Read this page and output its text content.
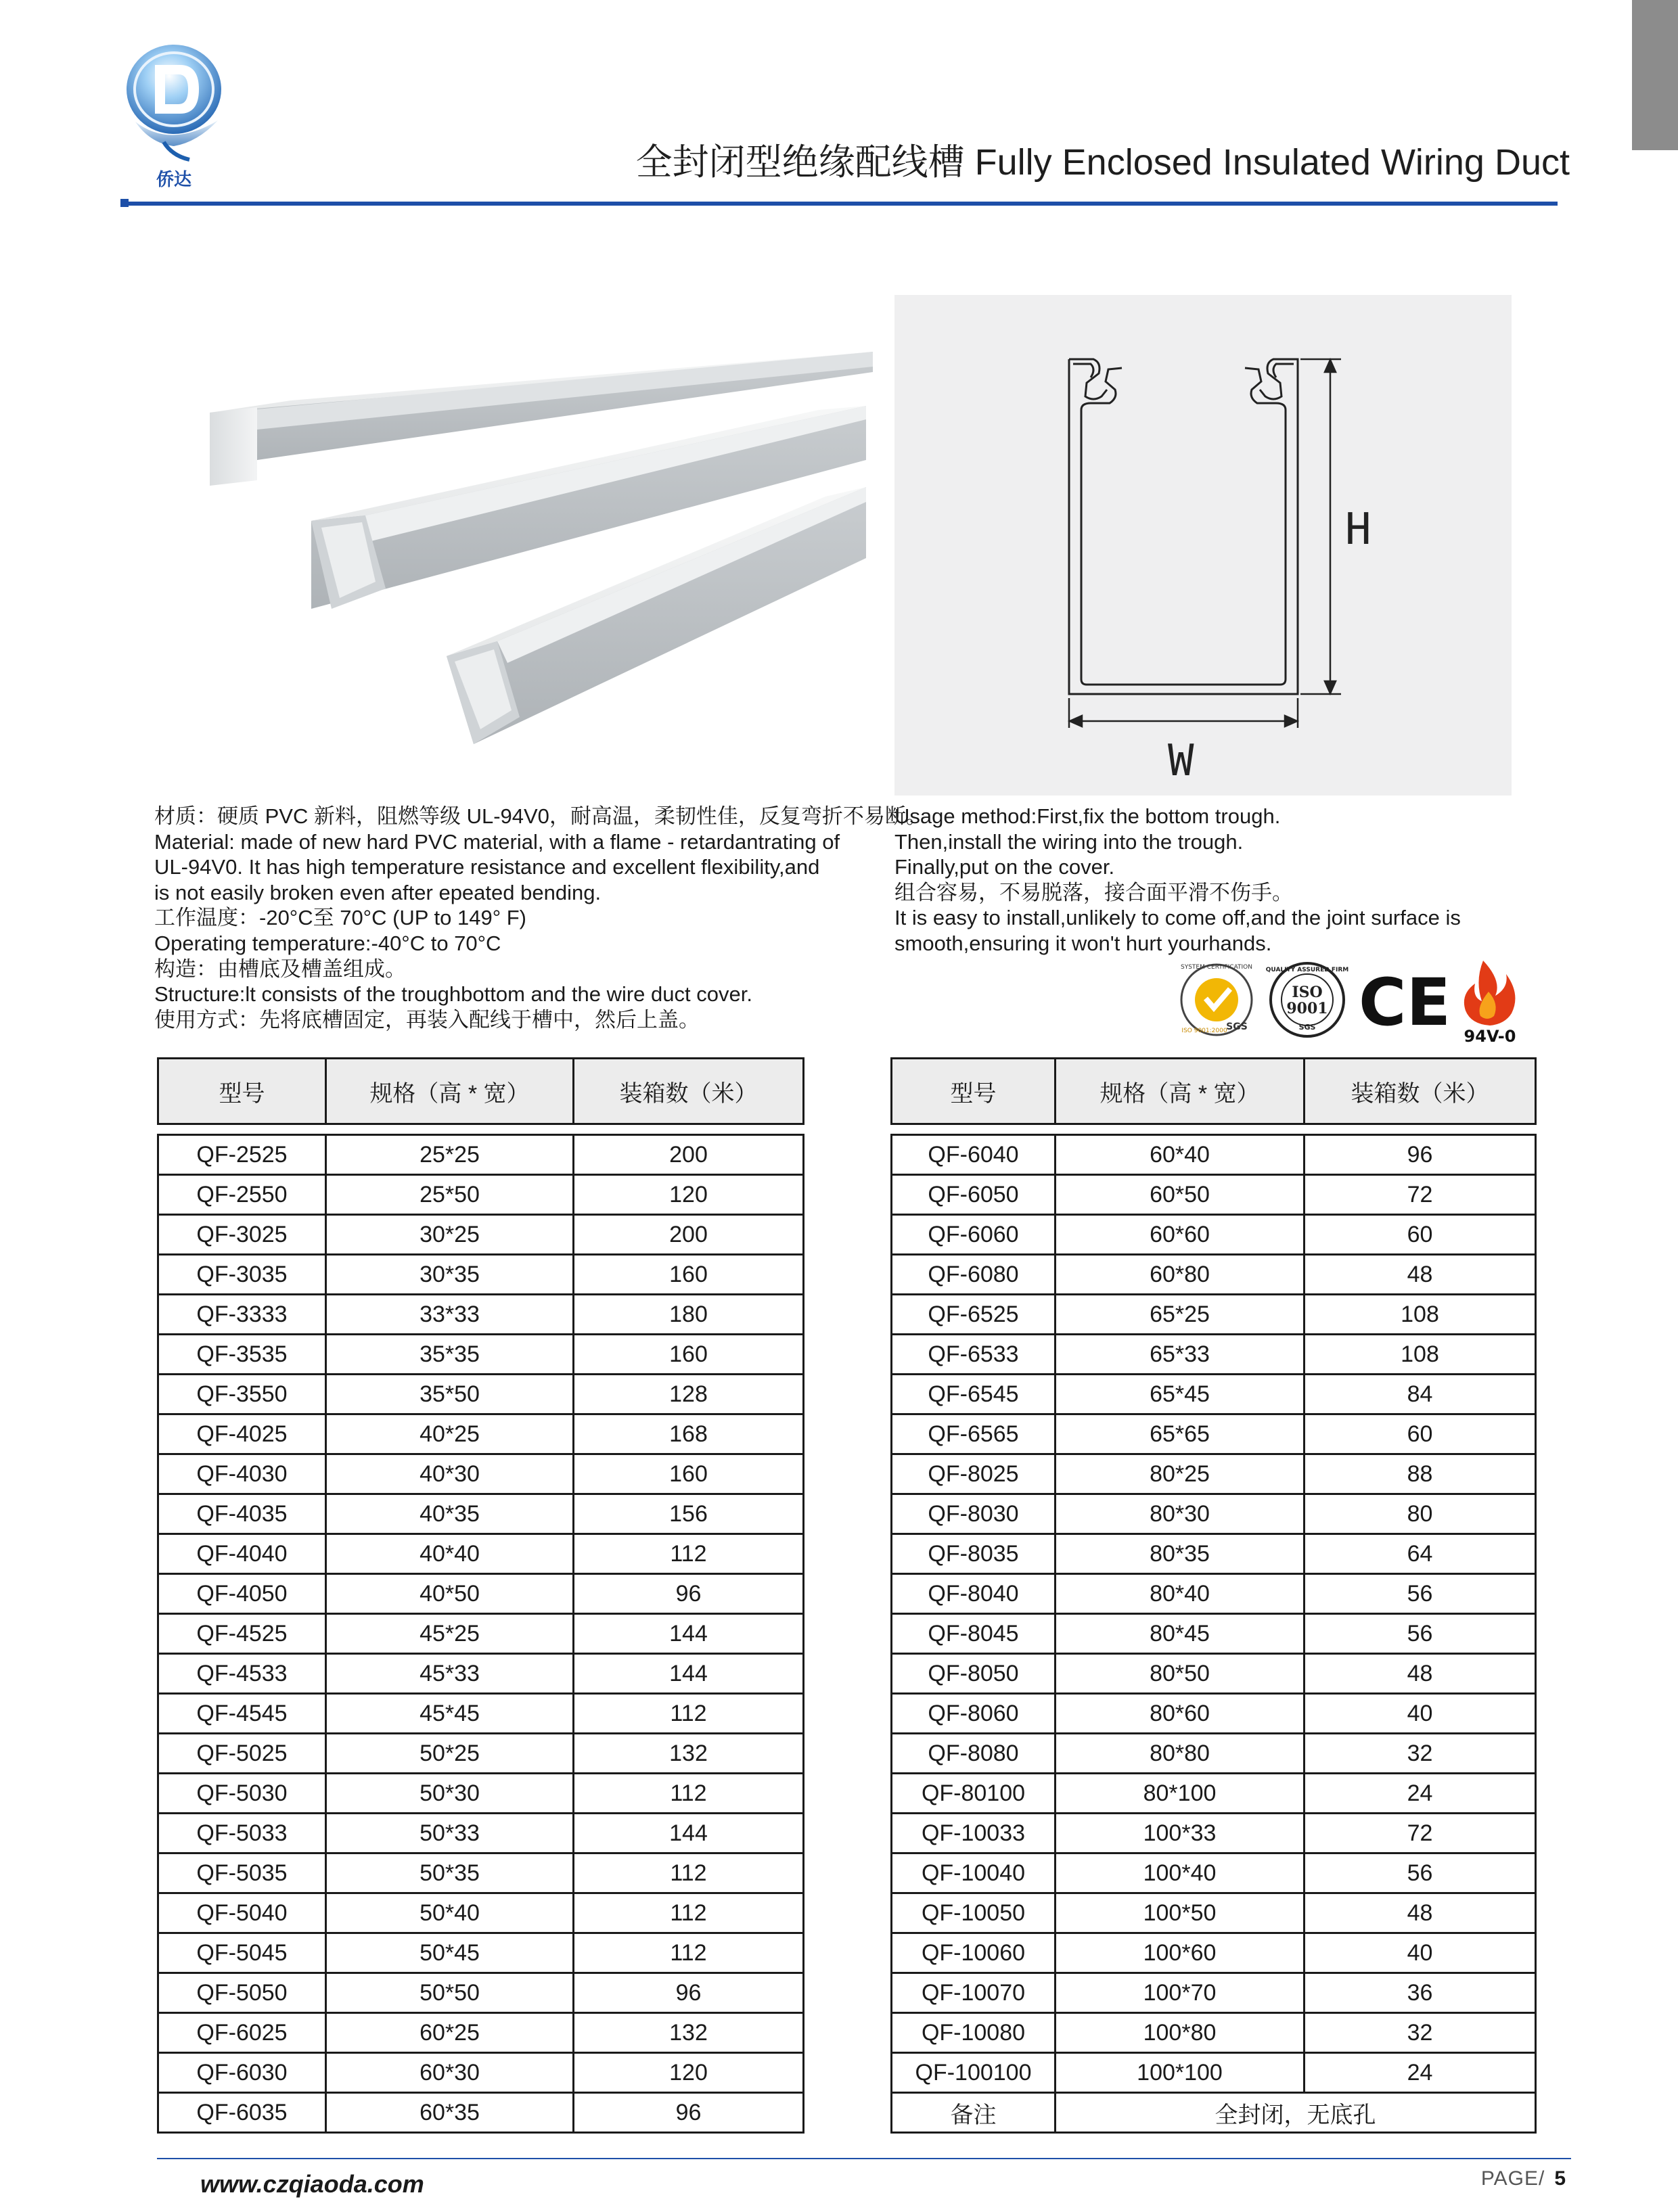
侨达	全封闭型绝缘配线槽 Fully Enclosed Insulated Wiring Duct
H
W
材质：硬质 PVC 新料，阻燃等级 UL-94V0，耐高温，柔韧性佳，反复弯折不易断。
Material: made of new hard PVC material, with a flame - retardantrating of
UL-94V0. It has high temperature resistance and excellent flexibility,and
is not easily broken even after epeated bending.
工作温度：-20°C至 70°C (UP to 149° F)
Operating temperature:-40°C to 70°C
构造：由槽底及槽盖组成。
Structure:lt consists of the troughbottom and the wire duct cover.
使用方式：先将底槽固定，再装入配线于槽中，然后上盖。
Usage method:First,fix the bottom trough.
Then,install the wiring into the trough.
Finally,put on the cover.
组合容易，不易脱落，接合面平滑不伤手。
It is easy to install,unlikely to come off,and the joint surface is
smooth,ensuring it won't hurt yourhands.
SYSTEM CERTIFICATION
ISO 9001:2000
SGS
QUALITY ASSURED FIRM
ISO
9001
SGS CE 94V-0
型号	规格（高 * 宽）	装箱数（米）	型号	规格（高 * 宽）	装箱数（米）
QF-2525	25*25	200
QF-2550	25*50	120
QF-3025	30*25	200
QF-3035	30*35	160
QF-3333	33*33	180
QF-3535	35*35	160
QF-3550	35*50	128
QF-4025	40*25	168
QF-4030	40*30	160
QF-4035	40*35	156
QF-4040	40*40	112
QF-4050	40*50	96
QF-4525	45*25	144
QF-4533	45*33	144
QF-4545	45*45	112
QF-5025	50*25	132
QF-5030	50*30	112
QF-5033	50*33	144
QF-5035	50*35	112
QF-5040	50*40	112
QF-5045	50*45	112
QF-5050	50*50	96
QF-6025	60*25	132
QF-6030	60*30	120
QF-6035	60*35	96
QF-6040	60*40	96
QF-6050	60*50	72
QF-6060	60*60	60
QF-6080	60*80	48
QF-6525	65*25	108
QF-6533	65*33	108
QF-6545	65*45	84
QF-6565	65*65	60
QF-8025	80*25	88
QF-8030	80*30	80
QF-8035	80*35	64
QF-8040	80*40	56
QF-8045	80*45	56
QF-8050	80*50	48
QF-8060	80*60	40
QF-8080	80*80	32
QF-80100	80*100	24
QF-10033	100*33	72
QF-10040	100*40	56
QF-10050	100*50	48
QF-10060	100*60	40
QF-10070	100*70	36
QF-10080	100*80	32
QF-100100	100*100	24
备注	全封闭，无底孔	
www.czqiaoda.com	PAGE/ 5
